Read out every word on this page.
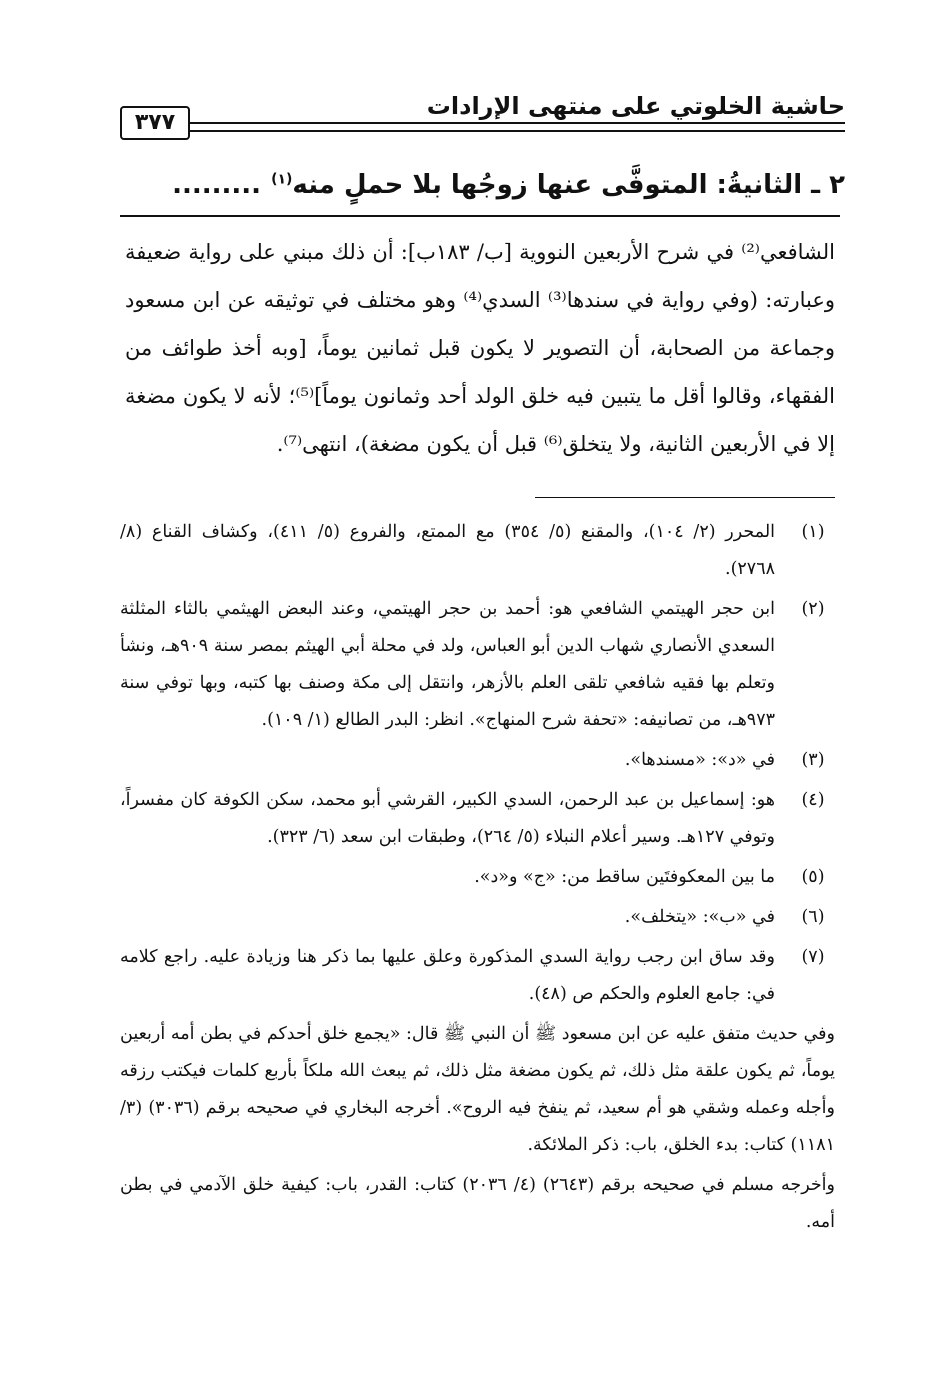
حاشية الخلوتي على منتهى الإرادات
٣٧٧
٢ ـ الثانيةُ: المتوفَّى عنها زوجُها بلا حملٍ منه$^{(١)}$.........

الشافعي⁽²⁾ في شرح الأربعين النووية [ب/ ١٨٣ب]: أن ذلك مبني على رواية ضعيفة وعبارته: (وفي رواية في سندها⁽³⁾ السدي⁽⁴⁾ وهو مختلف في توثيقه عن ابن مسعود وجماعة من الصحابة، أن التصوير لا يكون قبل ثمانين يوماً، [وبه أخذ طوائف من الفقهاء، وقالوا أقل ما يتبين فيه خلق الولد أحد وثمانون يوماً]⁽⁵⁾؛ لأنه لا يكون مضغة إلا في الأربعين الثانية، ولا يتخلق⁽⁶⁾ قبل أن يكون مضغة)، انتهى⁽⁷⁾.

(١)
المحرر (٢/ ١٠٤)، والمقنع (٥/ ٣٥٤) مع الممتع، والفروع (٥/ ٤١١)، وكشاف القناع (٨/ ٢٧٦٨).
(٢)
ابن حجر الهيتمي الشافعي هو: أحمد بن حجر الهيتمي، وعند البعض الهيثمي بالثاء المثلثة السعدي الأنصاري شهاب الدين أبو العباس، ولد في محلة أبي الهيثم بمصر سنة ٩٠٩هـ، ونشأ وتعلم بها فقيه شافعي تلقى العلم بالأزهر، وانتقل إلى مكة وصنف بها كتبه، وبها توفي سنة ٩٧٣هـ، من تصانيفه: «تحفة شرح المنهاج». انظر: البدر الطالع (١/ ١٠٩).
(٣)
في «د»: «مسندها».
(٤)
هو: إسماعيل بن عبد الرحمن، السدي الكبير، القرشي أبو محمد، سكن الكوفة كان مفسراً، وتوفي ١٢٧هـ. وسير أعلام النبلاء (٥/ ٢٦٤)، وطبقات ابن سعد (٦/ ٣٢٣).
(٥)
ما بين المعكوفتَين ساقط من: «ج» و«د».
(٦)
في «ب»: «يتخلف».
(٧)
وقد ساق ابن رجب رواية السدي المذكورة وعلق عليها بما ذكر هنا وزيادة عليه. راجع كلامه في: جامع العلوم والحكم ص (٤٨).

وفي حديث متفق عليه عن ابن مسعود ﷺ أن النبي ﷺ قال: «يجمع خلق أحدكم في بطن أمه أربعين يوماً، ثم يكون علقة مثل ذلك، ثم يكون مضغة مثل ذلك، ثم يبعث الله ملكاً بأربع كلمات فيكتب رزقه وأجله وعمله وشقي هو أم سعيد، ثم ينفخ فيه الروح». أخرجه البخاري في صحيحه برقم (٣٠٣٦) (٣/ ١١٨١) كتاب: بدء الخلق، باب: ذكر الملائكة.

وأخرجه مسلم في صحيحه برقم (٢٦٤٣) (٤/ ٢٠٣٦) كتاب: القدر، باب: كيفية خلق الآدمي في بطن أمه.
